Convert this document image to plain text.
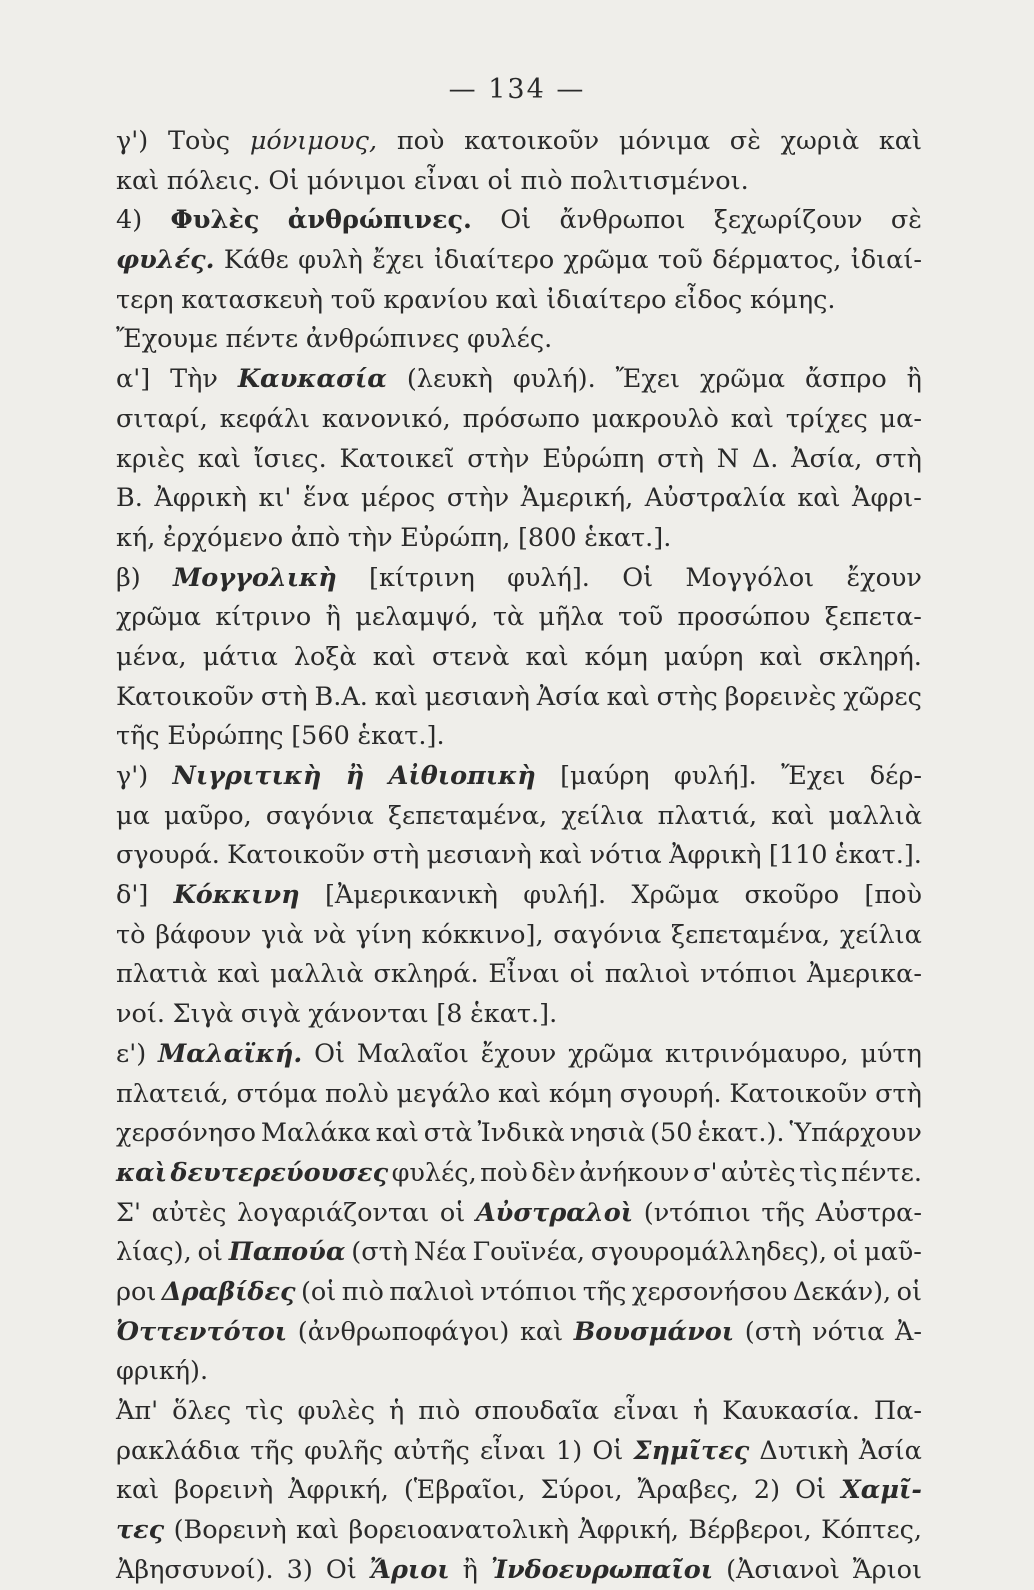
— 134 —
γ') Τοὺς μόνιμους, ποὺ κατοικοῦν μόνιμα σὲ χωριὰ καὶ
καὶ πόλεις. Οἱ μόνιμοι εἶναι οἱ πιὸ πολιτισμένοι.
4) Φυλὲς ἀνθρώπινες. Οἱ ἄνθρωποι ξεχωρίζουν σὲ
φυλές. Κάθε φυλὴ ἔχει ἰδιαίτερο χρῶμα τοῦ δέρματος, ἰδιαί-
τερη κατασκευὴ τοῦ κρανίου καὶ ἰδιαίτερο εἶδος κόμης.
Ἔχουμε πέντε ἀνθρώπινες φυλές.
α'] Τὴν Καυκασία (λευκὴ φυλή). Ἔχει χρῶμα ἄσπρο ἢ
σιταρί, κεφάλι κανονικό, πρόσωπο μακρουλὸ καὶ τρίχες μα-
κριὲς καὶ ἴσιες. Κατοικεῖ στὴν Εὐρώπη στὴ Ν Δ. Ἀσία, στὴ
Β. Ἀφρικὴ κι' ἕνα μέρος στὴν Ἀμερική, Αὐστραλία καὶ Ἀφρι-
κή, ἐρχόμενο ἀπὸ τὴν Εὐρώπη, [800 ἑκατ.].
β) Μογγολικὴ [κίτρινη φυλή]. Οἱ Μογγόλοι ἔχουν
χρῶμα κίτρινο ἢ μελαμψό, τὰ μῆλα τοῦ προσώπου ξεπετα-
μένα, μάτια λοξὰ καὶ στενὰ καὶ κόμη μαύρη καὶ σκληρή.
Κατοικοῦν στὴ Β.Α. καὶ μεσιανὴ Ἀσία καὶ στὴς βορεινὲς χῶρες
τῆς Εὐρώπης [560 ἑκατ.].
γ') Νιγριτικὴ ἢ Αἰθιοπικὴ [μαύρη φυλή]. Ἔχει δέρ-
μα μαῦρο, σαγόνια ξεπεταμένα, χείλια πλατιά, καὶ μαλλιὰ
σγουρά. Κατοικοῦν στὴ μεσιανὴ καὶ νότια Ἀφρικὴ [110 ἑκατ.].
δ'] Κόκκινη [Ἀμερικανικὴ φυλή]. Χρῶμα σκοῦρο [ποὺ
τὸ βάφουν γιὰ νὰ γίνη κόκκινο], σαγόνια ξεπεταμένα, χείλια
πλατιὰ καὶ μαλλιὰ σκληρά. Εἶναι οἱ παλιοὶ ντόπιοι Ἀμερικα-
νοί. Σιγὰ σιγὰ χάνονται [8 ἑκατ.].
ε') Μαλαϊκή. Οἱ Μαλαῖοι ἔχουν χρῶμα κιτρινόμαυρο, μύτη
πλατειά, στόμα πολὺ μεγάλο καὶ κόμη σγουρή. Κατοικοῦν στὴ
χερσόνησο Μαλάκα καὶ στὰ Ἰνδικὰ νησιὰ (50 ἑκατ.). Ὑπάρχουν
καὶ δευτερεύουσες φυλές, ποὺ δὲν ἀνήκουν σ' αὐτὲς τὶς πέντε.
Σ' αὐτὲς λογαριάζονται οἱ Αὐστραλοὶ (ντόπιοι τῆς Αὐστρα-
λίας), οἱ Παπούα (στὴ Νέα Γουϊνέα, σγουρομάλληδες), οἱ μαῦ-
ροι Δραβίδες (οἱ πιὸ παλιοὶ ντόπιοι τῆς χερσονήσου Δεκάν), οἱ
Ὀττεντότοι (ἀνθρωποφάγοι) καὶ Βουσμάνοι (στὴ νότια Ἀ-
φρική).
Ἀπ' ὅλες τὶς φυλὲς ἡ πιὸ σπουδαῖα εἶναι ἡ Καυκασία. Πα-
ρακλάδια τῆς φυλῆς αὐτῆς εἶναι 1) Οἱ Σημῖτες Δυτικὴ Ἀσία
καὶ βορεινὴ Ἀφρική, (Ἑβραῖοι, Σύροι, Ἄραβες, 2) Οἱ Χαμῖ-
τες (Βορεινὴ καὶ βορειοανατολικὴ Ἀφρική, Βέρβεροι, Κόπτες,
Ἀβησσυνοί). 3) Οἱ Ἄριοι ἢ Ἰνδοευρωπαῖοι (Ἀσιανοὶ Ἄριοι
